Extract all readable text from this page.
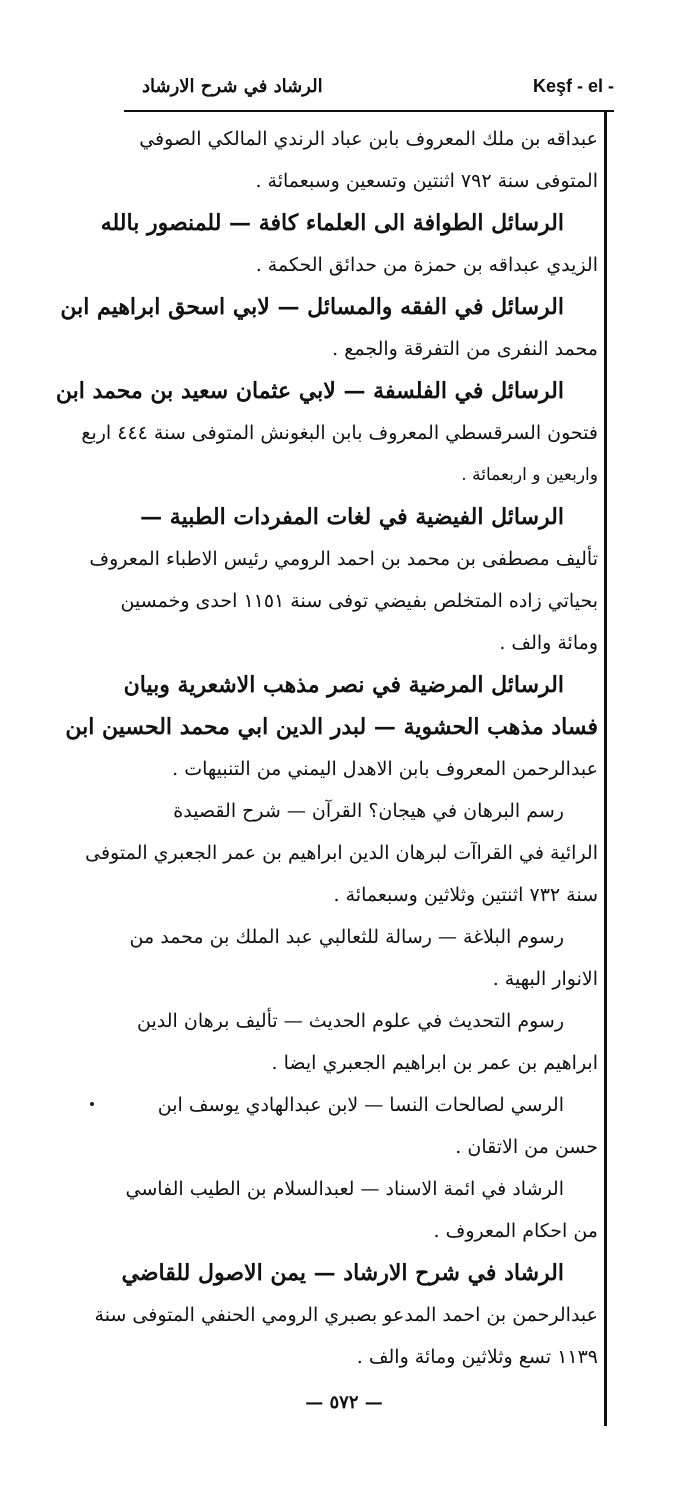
الرشاد في شرح الارشاد	Keşf - el -
عبداقه بن ملك المعروف بابن عباد الرندي المالكي الصوفي
المتوفى سنة ٧٩٢ اثنتين وتسعين وسبعمائة .
الرسائل الطوافة الى العلماء كافة — للمنصور بالله
الزيدي عبداقه بن حمزة من حدائق الحكمة .
الرسائل في الفقه والمسائل — لابي اسحق ابراهيم ابن
محمد النفرى من التفرقة والجمع .
الرسائل في الفلسفة — لابي عثمان سعيد بن محمد ابن
فتحون السرقسطي المعروف بابن البغونش المتوفى سنة ٤٤٤ اربع
واربعين و اربعمائة .
الرسائل الفيضية في لغات المفردات الطبية —
تأليف مصطفى بن محمد بن احمد الرومي رئيس الاطباء المعروف
بحياتي زاده المتخلص بفيضي توفى سنة ١١٥١ احدى وخمسين
ومائة والف .
الرسائل المرضية في نصر مذهب الاشعرية وبيان
فساد مذهب الحشوية — لبدر الدين ابي محمد الحسين ابن
عبدالرحمن المعروف بابن الاهدل اليمني من التنبيهات .
رسم البرهان في هيجان؟ القرآن — شرح القصيدة
الرائية في القراآت لبرهان الدين ابراهيم بن عمر الجعبري المتوفى
سنة ٧٣٢ اثنتين وثلاثين وسبعمائة .
رسوم البلاغة — رسالة للثعالبي عبد الملك بن محمد من
الانوار البهية .
رسوم التحديث في علوم الحديث — تأليف برهان الدين
ابراهيم بن عمر بن ابراهيم الجعبري ايضا .
الرسي لصالحات النسا — لابن عبدالهادي يوسف ابن
حسن من الاتقان .
الرشاد في ائمة الاسناد — لعبدالسلام بن الطيب الفاسي
من احكام المعروف .
الرشاد في شرح الارشاد — يمن الاصول للقاضي
عبدالرحمن بن احمد المدعو بصبري الرومي الحنفي المتوفى سنة
١١٣٩ تسع وثلاثين ومائة والف .
— ٥٧٢ —
